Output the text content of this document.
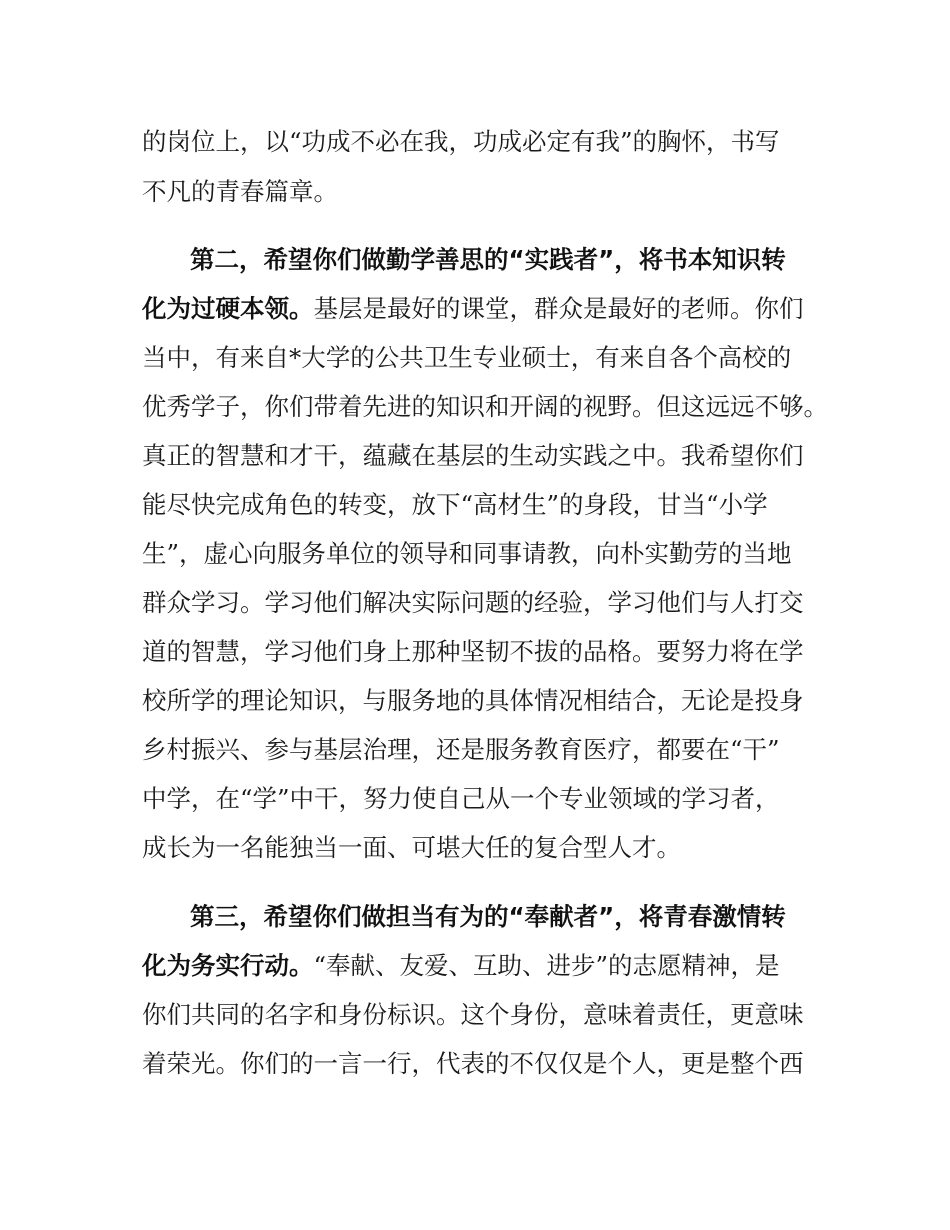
的岗位上，以“功成不必在我，功成必定有我”的胸怀，书写
不凡的青春篇章。
第二，希望你们做勤学善思的“实践者”，将书本知识转
化为过硬本领。基层是最好的课堂，群众是最好的老师。你们
当中，有来自*大学的公共卫生专业硕士，有来自各个高校的
优秀学子，你们带着先进的知识和开阔的视野。但这远远不够。
真正的智慧和才干，蕴藏在基层的生动实践之中。我希望你们
能尽快完成角色的转变，放下“高材生”的身段，甘当“小学
生”，虚心向服务单位的领导和同事请教，向朴实勤劳的当地
群众学习。学习他们解决实际问题的经验，学习他们与人打交
道的智慧，学习他们身上那种坚韧不拔的品格。要努力将在学
校所学的理论知识，与服务地的具体情况相结合，无论是投身
乡村振兴、参与基层治理，还是服务教育医疗，都要在“干”
中学，在“学”中干，努力使自己从一个专业领域的学习者，
成长为一名能独当一面、可堪大任的复合型人才。
第三，希望你们做担当有为的“奉献者”，将青春激情转
化为务实行动。“奉献、友爱、互助、进步”的志愿精神，是
你们共同的名字和身份标识。这个身份，意味着责任，更意味
着荣光。你们的一言一行，代表的不仅仅是个人，更是整个西
